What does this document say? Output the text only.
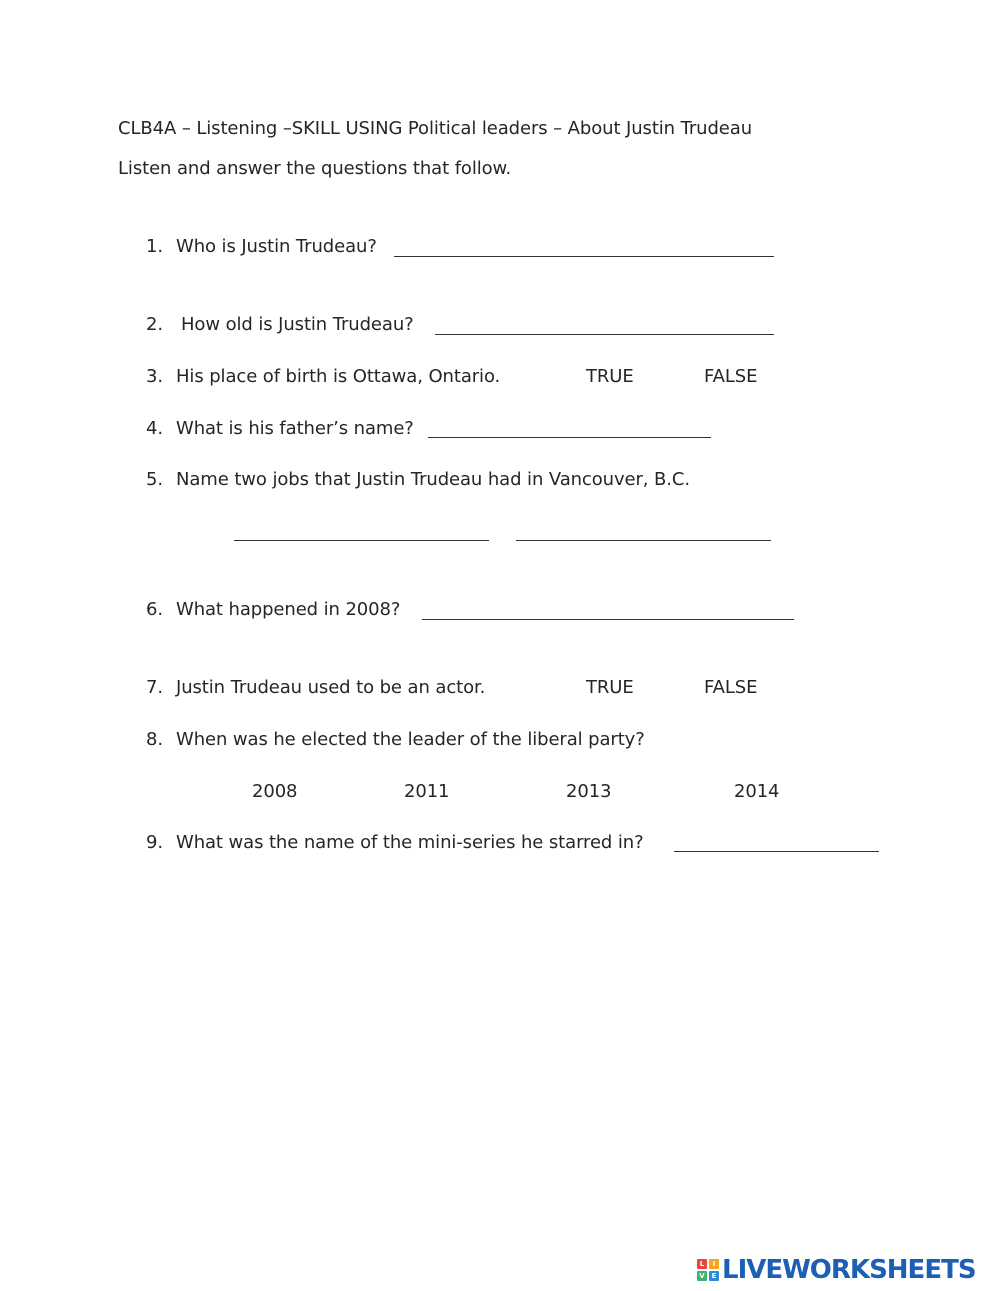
CLB4A – Listening –SKILL USING Political leaders – About Justin Trudeau
Listen and answer the questions that follow.
1. Who is Justin Trudeau?
2. How old is Justin Trudeau?
3. His place of birth is Ottawa, Ontario.	TRUE	FALSE
4. What is his father’s name?
5. Name two jobs that Justin Trudeau had in Vancouver, B.C.
6. What happened in 2008?
7. Justin Trudeau used to be an actor.	TRUE	FALSE
8. When was he elected the leader of the liberal party?
2008	2011	2013	2014
9. What was the name of the mini-series he starred in?
L	I
V E LIVEWORKSHEETS
